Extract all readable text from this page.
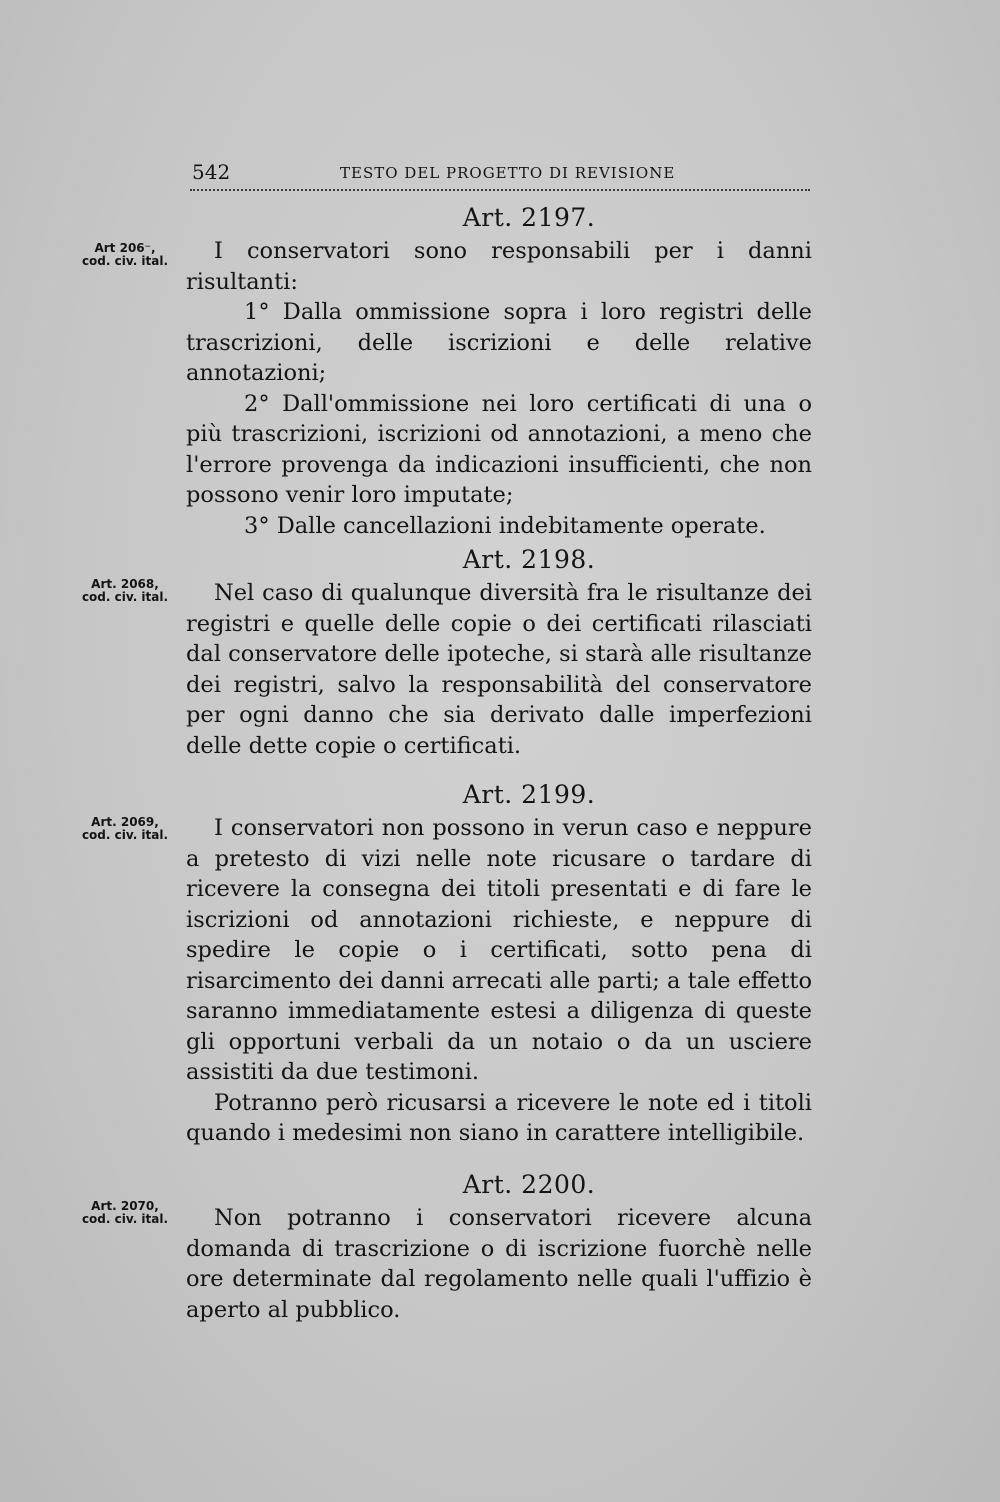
542	TESTO DEL PROGETTO DI REVISIONE
Art 206⁻,
cod. civ. ital.
Art. 2197.

I conservatori sono responsabili per i danni risultanti:

1° Dalla ommissione sopra i loro registri delle trascrizioni, delle iscrizioni e delle relative annotazioni;

2° Dall'ommissione nei loro certificati di una o più trascrizioni, iscrizioni od annotazioni, a meno che l'errore provenga da indicazioni insufficienti, che non possono venir loro imputate;

3° Dalle cancellazioni indebitamente operate.

Art. 2068,
cod. civ. ital.
Art. 2198.

Nel caso di qualunque diversità fra le risultanze dei registri e quelle delle copie o dei certificati rilasciati dal conservatore delle ipoteche, si starà alle risultanze dei registri, salvo la responsabilità del conservatore per ogni danno che sia derivato dalle imperfezioni delle dette copie o certificati.

Art. 2069,
cod. civ. ital.
Art. 2199.

I conservatori non possono in verun caso e neppure a pretesto di vizi nelle note ricusare o tardare di ricevere la consegna dei titoli presentati e di fare le iscrizioni od annotazioni richieste, e neppure di spedire le copie o i certificati, sotto pena di risarcimento dei danni arrecati alle parti; a tale effetto saranno immediatamente estesi a diligenza di queste gli opportuni verbali da un notaio o da un usciere assistiti da due testimoni.

Potranno però ricusarsi a ricevere le note ed i titoli quando i medesimi non siano in carattere intelligibile.

Art. 2070,
cod. civ. ital.
Art. 2200.

Non potranno i conservatori ricevere alcuna domanda di trascrizione o di iscrizione fuorchè nelle ore determinate dal regolamento nelle quali l'uffizio è aperto al pubblico.
